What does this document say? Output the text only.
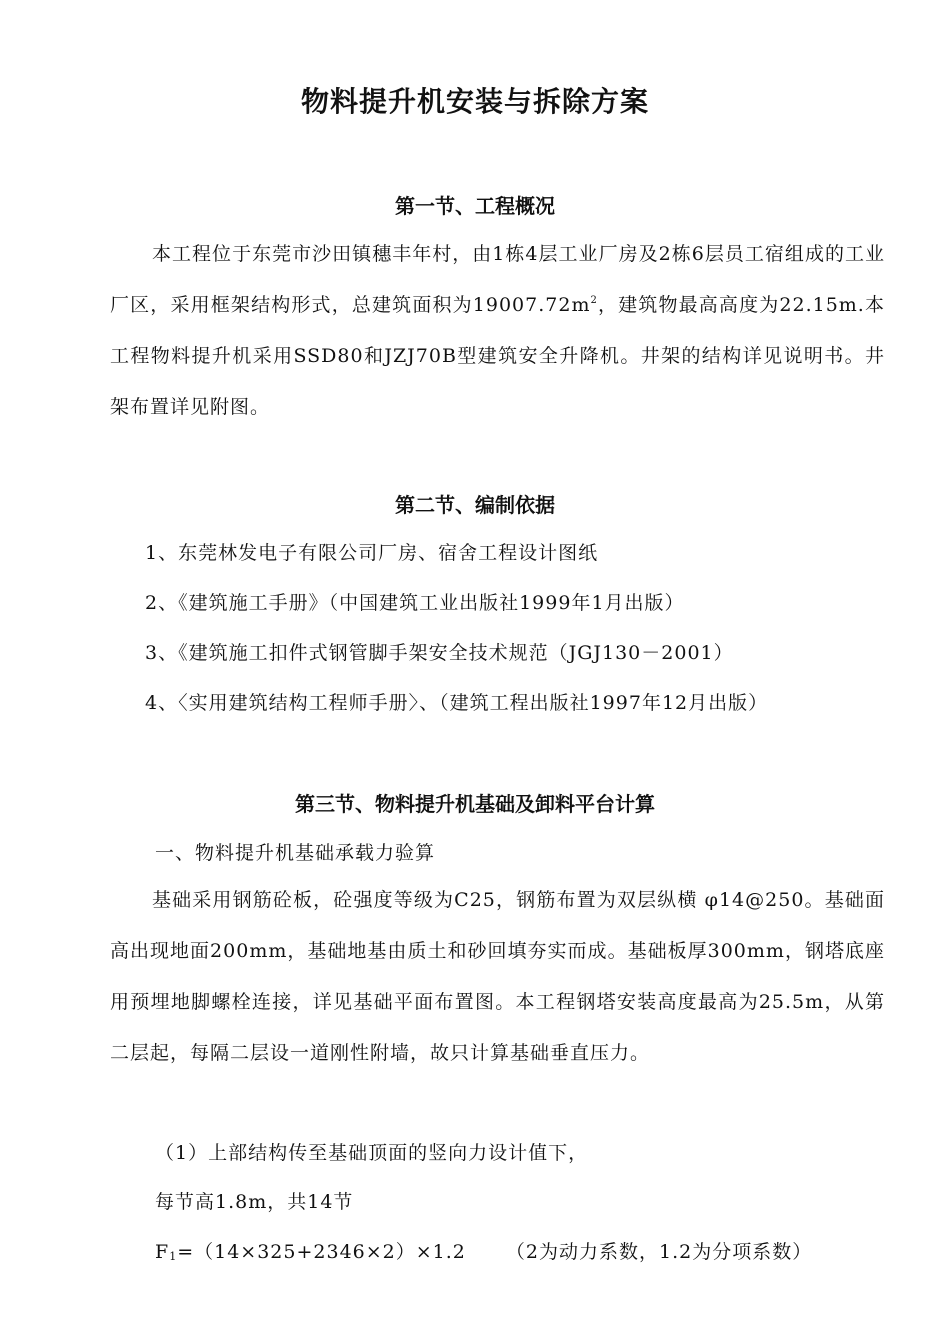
物料提升机安装与拆除方案
第一节、工程概况
本工程位于东莞市沙田镇穗丰年村，由1栋4层工业厂房及2栋6层员工宿组成的工业厂区，采用框架结构形式，总建筑面积为$19007.72m^2$，建筑物最高高度为22.15m.本工程物料提升机采用SSD80和JZJ70B型建筑安全升降机。井架的结构详见说明书。井架布置详见附图。
第二节、编制依据
1、东莞林发电子有限公司厂房、宿舍工程设计图纸
2、《建筑施工手册》（中国建筑工业出版社1999年1月出版）
3、《建筑施工扣件式钢管脚手架安全技术规范（JGJ130－2001）
4、〈实用建筑结构工程师手册〉、（建筑工程出版社1997年12月出版）
第三节、物料提升机基础及卸料平台计算
一、物料提升机基础承载力验算
基础采用钢筋砼板，砼强度等级为C25，钢筋布置为双层纵横 φ14@250。基础面高出现地面200mm，基础地基由质土和砂回填夯实而成。基础板厚300mm，钢塔底座用预埋地脚螺栓连接，详见基础平面布置图。本工程钢塔安装高度最高为25.5m，从第二层起，每隔二层设一道刚性附墙，故只计算基础垂直压力。
（1）上部结构传至基础顶面的竖向力设计值下，
每节高1.8m，共14节
$F_1=(14\times 325+2346\times 2)\times 1.2$ （2为动力系数，1.2为分项系数）
